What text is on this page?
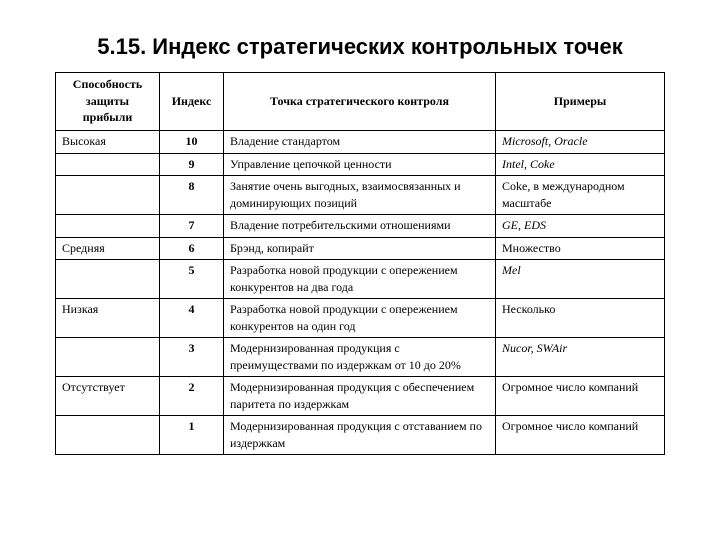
5.15. Индекс стратегических контрольных точек
Способность защиты прибыли	Индекс	Точка стратегического контроля	Примеры
Высокая	10	Владение стандартом	Microsoft, Oracle
	9	Управление цепочкой ценности	Intel, Coke
	8	Занятие очень выгодных, взаимосвязанных и доминирующих позиций	Coke, в международном масштабе
	7	Владение потребительскими отношениями	GE, EDS
Средняя	6	Брэнд, копирайт	Множество
	5	Разработка новой продукции с опережением конкурентов на два года	Mel
Низкая	4	Разработка новой продукции с опережением конкурентов на один год	Несколько
	3	Модернизированная продукция с преимуществами по издержкам от 10 до 20%	Nucor, SWAir
Отсутствует	2	Модернизированная продукция с обеспечением паритета по издержкам	Огромное число компаний
	1	Модернизированная продукция с отставанием по издержкам	Огромное число компаний
